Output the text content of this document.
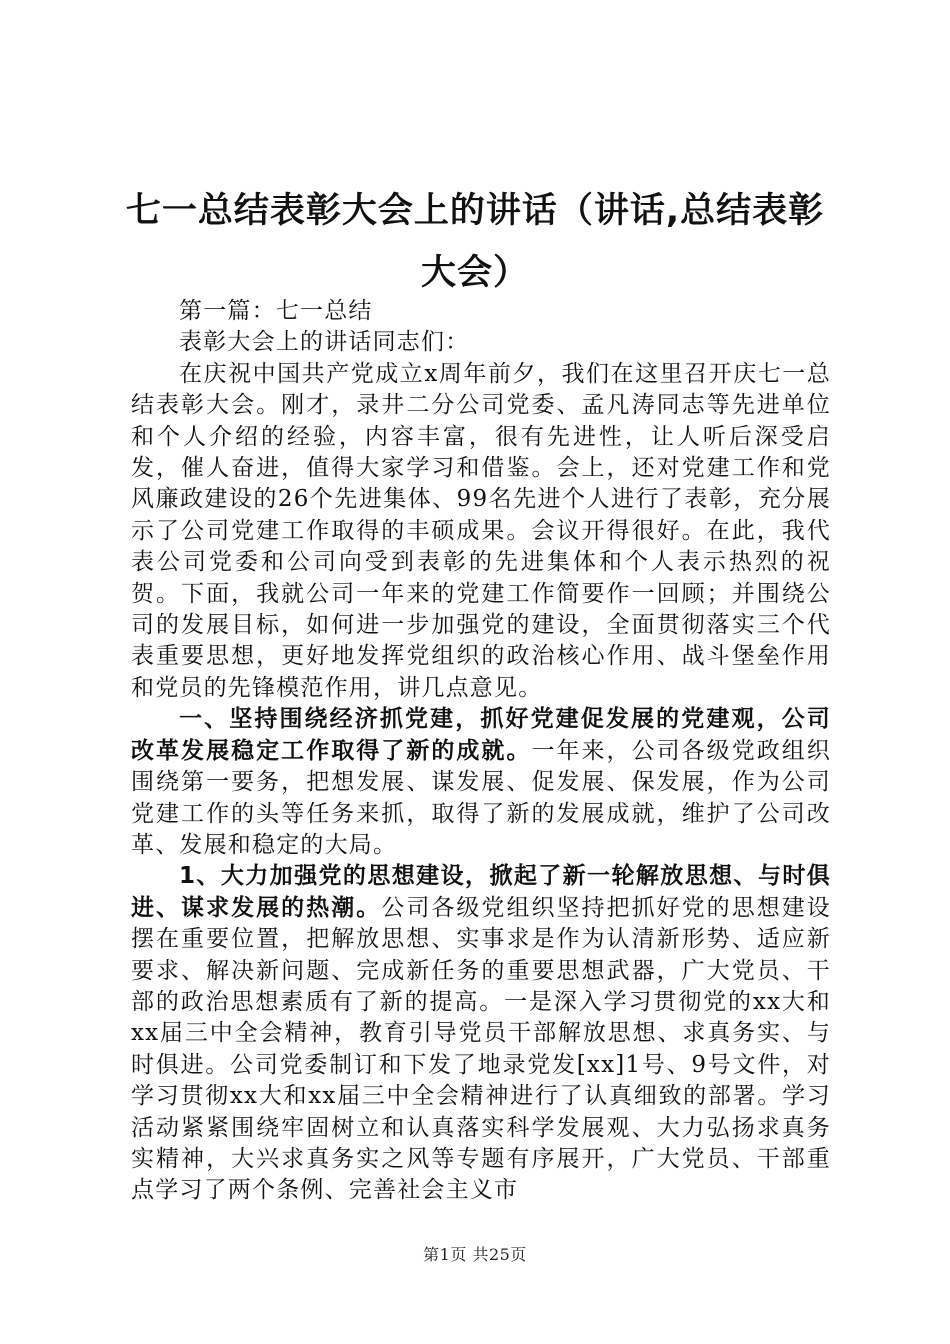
七一总结表彰大会上的讲话（讲话,总结表彰大会）

第一篇：七一总结

表彰大会上的讲话同志们：

在庆祝中国共产党成立x周年前夕，我们在这里召开庆七一总结表彰大会。刚才，录井二分公司党委、孟凡涛同志等先进单位和个人介绍的经验，内容丰富，很有先进性，让人听后深受启发，催人奋进，值得大家学习和借鉴。会上，还对党建工作和党风廉政建设的26个先进集体、99名先进个人进行了表彰，充分展示了公司党建工作取得的丰硕成果。会议开得很好。在此，我代表公司党委和公司向受到表彰的先进集体和个人表示热烈的祝贺。下面，我就公司一年来的党建工作简要作一回顾；并围绕公司的发展目标，如何进一步加强党的建设，全面贯彻落实三个代表重要思想，更好地发挥党组织的政治核心作用、战斗堡垒作用和党员的先锋模范作用，讲几点意见。

一、坚持围绕经济抓党建，抓好党建促发展的党建观，公司改革发展稳定工作取得了新的成就。一年来，公司各级党政组织围绕第一要务，把想发展、谋发展、促发展、保发展，作为公司党建工作的头等任务来抓，取得了新的发展成就，维护了公司改革、发展和稳定的大局。

1、大力加强党的思想建设，掀起了新一轮解放思想、与时俱进、谋求发展的热潮。公司各级党组织坚持把抓好党的思想建设摆在重要位置，把解放思想、实事求是作为认清新形势、适应新要求、解决新问题、完成新任务的重要思想武器，广大党员、干部的政治思想素质有了新的提高。一是深入学习贯彻党的xx大和xx届三中全会精神，教育引导党员干部解放思想、求真务实、与时俱进。公司党委制订和下发了地录党发[xx]1号、9号文件，对学习贯彻xx大和xx届三中全会精神进行了认真细致的部署。学习活动紧紧围绕牢固树立和认真落实科学发展观、大力弘扬求真务实精神，大兴求真务实之风等专题有序展开，广大党员、干部重点学习了两个条例、完善社会主义市

第1页 共25页
